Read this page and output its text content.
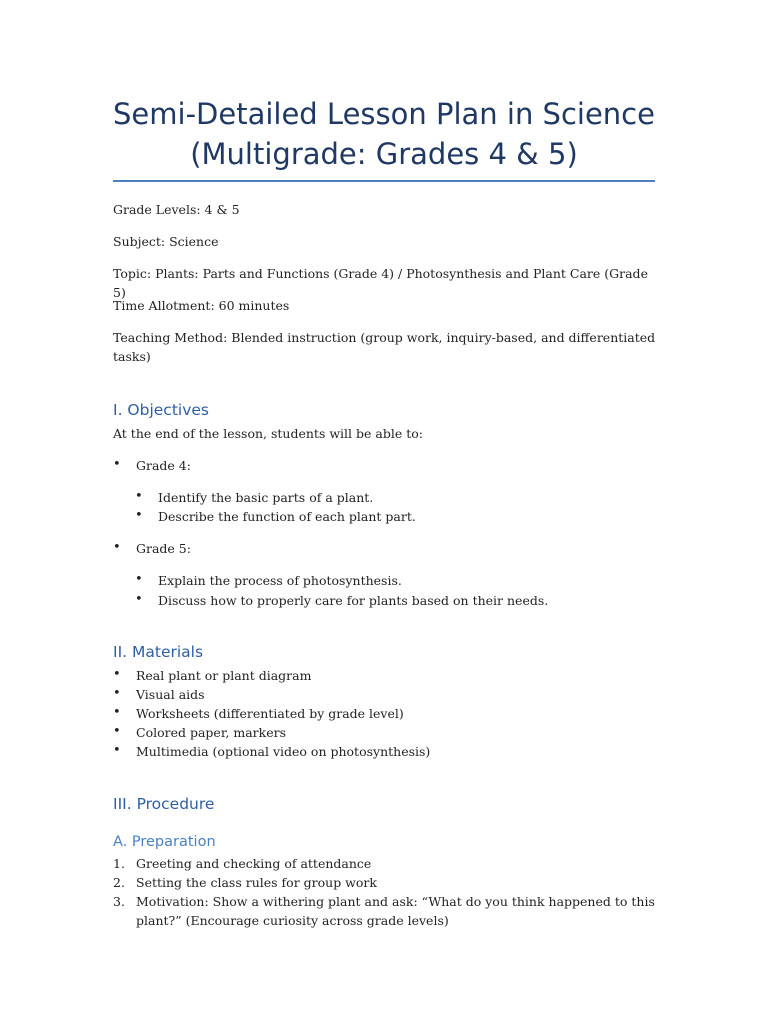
Semi-Detailed Lesson Plan in Science
(Multigrade: Grades 4 & 5)

Grade Levels: 4 & 5

Subject: Science

Topic: Plants: Parts and Functions (Grade 4) / Photosynthesis and Plant Care (Grade 5)

Time Allotment: 60 minutes

Teaching Method: Blended instruction (group work, inquiry-based, and differentiated

tasks)

I. Objectives

At the end of the lesson, students will be able to:

• Grade 4:
• Identify the basic parts of a plant.
• Describe the function of each plant part.
• Grade 5:
• Explain the process of photosynthesis.
• Discuss how to properly care for plants based on their needs.
II. Materials
• Real plant or plant diagram
• Visual aids
• Worksheets (differentiated by grade level)
• Colored paper, markers
• Multimedia (optional video on photosynthesis)
III. Procedure
A. Preparation
1. Greeting and checking of attendance
2. Setting the class rules for group work
3. Motivation: Show a withering plant and ask: “What do you think happened to this
plant?” (Encourage curiosity across grade levels)
